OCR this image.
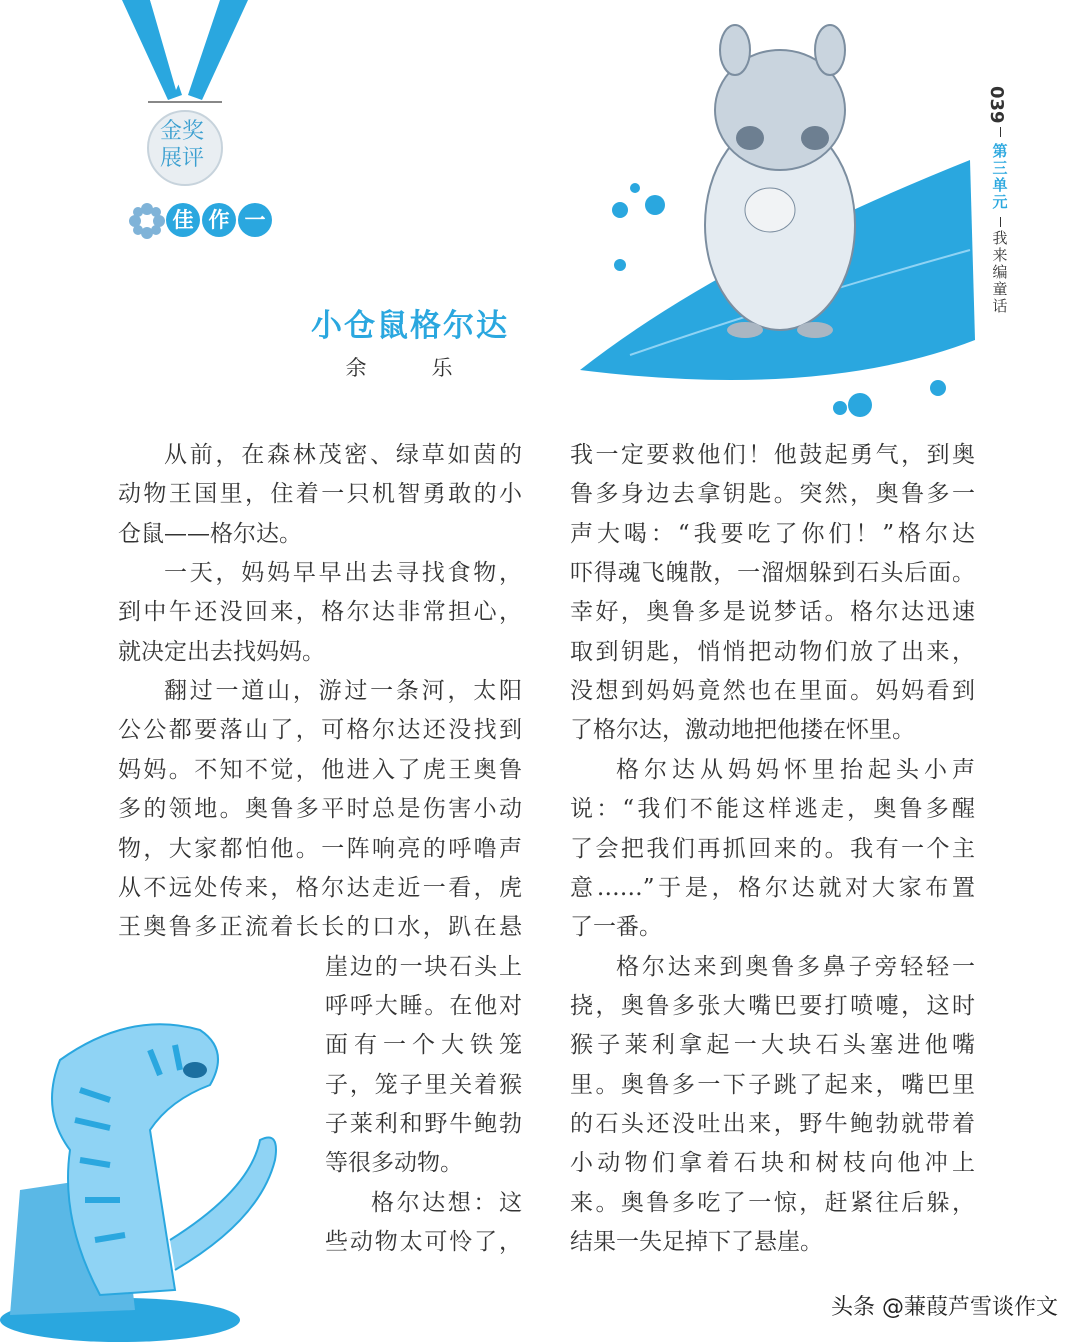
金奖展评
佳 作 一
039
第三单元
我来编童话
小仓鼠格尔达
余　乐
从前，在森林茂密、绿草如茵的
动物王国里，住着一只机智勇敢的小
仓鼠——格尔达。
一天，妈妈早早出去寻找食物，
到中午还没回来，格尔达非常担心，
就决定出去找妈妈。
翻过一道山，游过一条河，太阳
公公都要落山了，可格尔达还没找到
妈妈。不知不觉，他进入了虎王奥鲁
多的领地。奥鲁多平时总是伤害小动
物，大家都怕他。一阵响亮的呼噜声
从不远处传来，格尔达走近一看，虎
王奥鲁多正流着长长的口水，趴在悬
崖边的一块石头上
呼呼大睡。在他对
面有一个大铁笼
子，笼子里关着猴
子莱利和野牛鲍勃
等很多动物。
格尔达想：这
些动物太可怜了，
我一定要救他们！他鼓起勇气，到奥
鲁多身边去拿钥匙。突然，奥鲁多一
声大喝：“我要吃了你们！”格尔达
吓得魂飞魄散，一溜烟躲到石头后面。
幸好，奥鲁多是说梦话。格尔达迅速
取到钥匙，悄悄把动物们放了出来，
没想到妈妈竟然也在里面。妈妈看到
了格尔达，激动地把他搂在怀里。
格尔达从妈妈怀里抬起头小声
说：“我们不能这样逃走，奥鲁多醒
了会把我们再抓回来的。我有一个主
意……”于是，格尔达就对大家布置
了一番。
格尔达来到奥鲁多鼻子旁轻轻一
挠，奥鲁多张大嘴巴要打喷嚏，这时
猴子莱利拿起一大块石头塞进他嘴
里。奥鲁多一下子跳了起来，嘴巴里
的石头还没吐出来，野牛鲍勃就带着
小动物们拿着石块和树枝向他冲上
来。奥鲁多吃了一惊，赶紧往后躲，
结果一失足掉下了悬崖。
头条 @蒹葭芦雪谈作文
